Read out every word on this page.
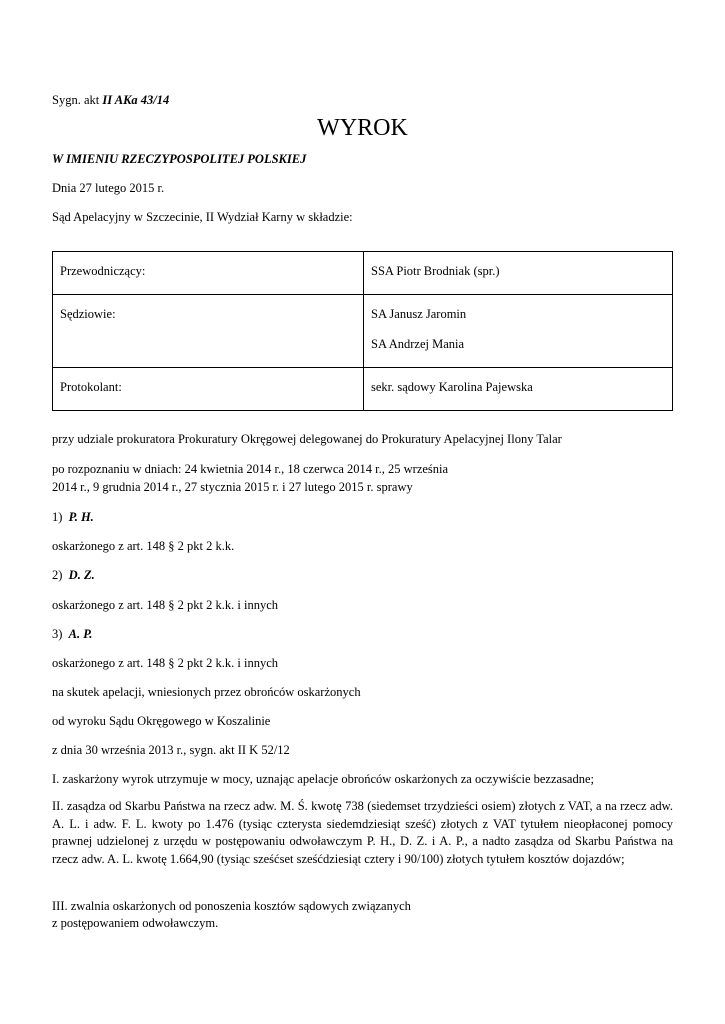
Sygn. akt II AKa 43/14
WYROK
W IMIENIU RZECZYPOSPOLITEJ POLSKIEJ
Dnia 27 lutego 2015 r.
Sąd Apelacyjny w Szczecinie, II Wydział Karny w składzie:
Przewodniczący:	SSA Piotr Brodniak (spr.)
Sędziowie:	SA Janusz Jaromin
SA Andrzej Mania

Protokolant:	sekr. sądowy Karolina Pajewska
przy udziale prokuratora Prokuratury Okręgowej delegowanej do Prokuratury Apelacyjnej Ilony Talar
po rozpoznaniu w dniach: 24 kwietnia 2014 r., 18 czerwca 2014 r., 25 września
2014 r., 9 grudnia 2014 r., 27 stycznia 2015 r. i 27 lutego 2015 r. sprawy
1) P. H.
oskarżonego z art. 148 § 2 pkt 2 k.k.
2) D. Z.
oskarżonego z art. 148 § 2 pkt 2 k.k. i innych
3) A. P.
oskarżonego z art. 148 § 2 pkt 2 k.k. i innych
na skutek apelacji, wniesionych przez obrońców oskarżonych
od wyroku Sądu Okręgowego w Koszalinie
z dnia 30 września 2013 r., sygn. akt II K 52/12
I. zaskarżony wyrok utrzymuje w mocy, uznając apelacje obrońców oskarżonych za oczywiście bezzasadne;
II. zasądza od Skarbu Państwa na rzecz adw. M. Ś. kwotę 738 (siedemset trzydzieści osiem) złotych z VAT, a na rzecz adw. A. L. i adw. F. L. kwoty po 1.476 (tysiąc czterysta siedemdziesiąt sześć) złotych z VAT tytułem nieopłaconej pomocy prawnej udzielonej z urzędu w postępowaniu odwoławczym P. H., D. Z. i A. P., a nadto zasądza od Skarbu Państwa na rzecz adw. A. L. kwotę 1.664,90 (tysiąc sześćset sześćdziesiąt cztery i 90/100) złotych tytułem kosztów dojazdów;
III. zwalnia oskarżonych od ponoszenia kosztów sądowych związanych
z postępowaniem odwoławczym.
